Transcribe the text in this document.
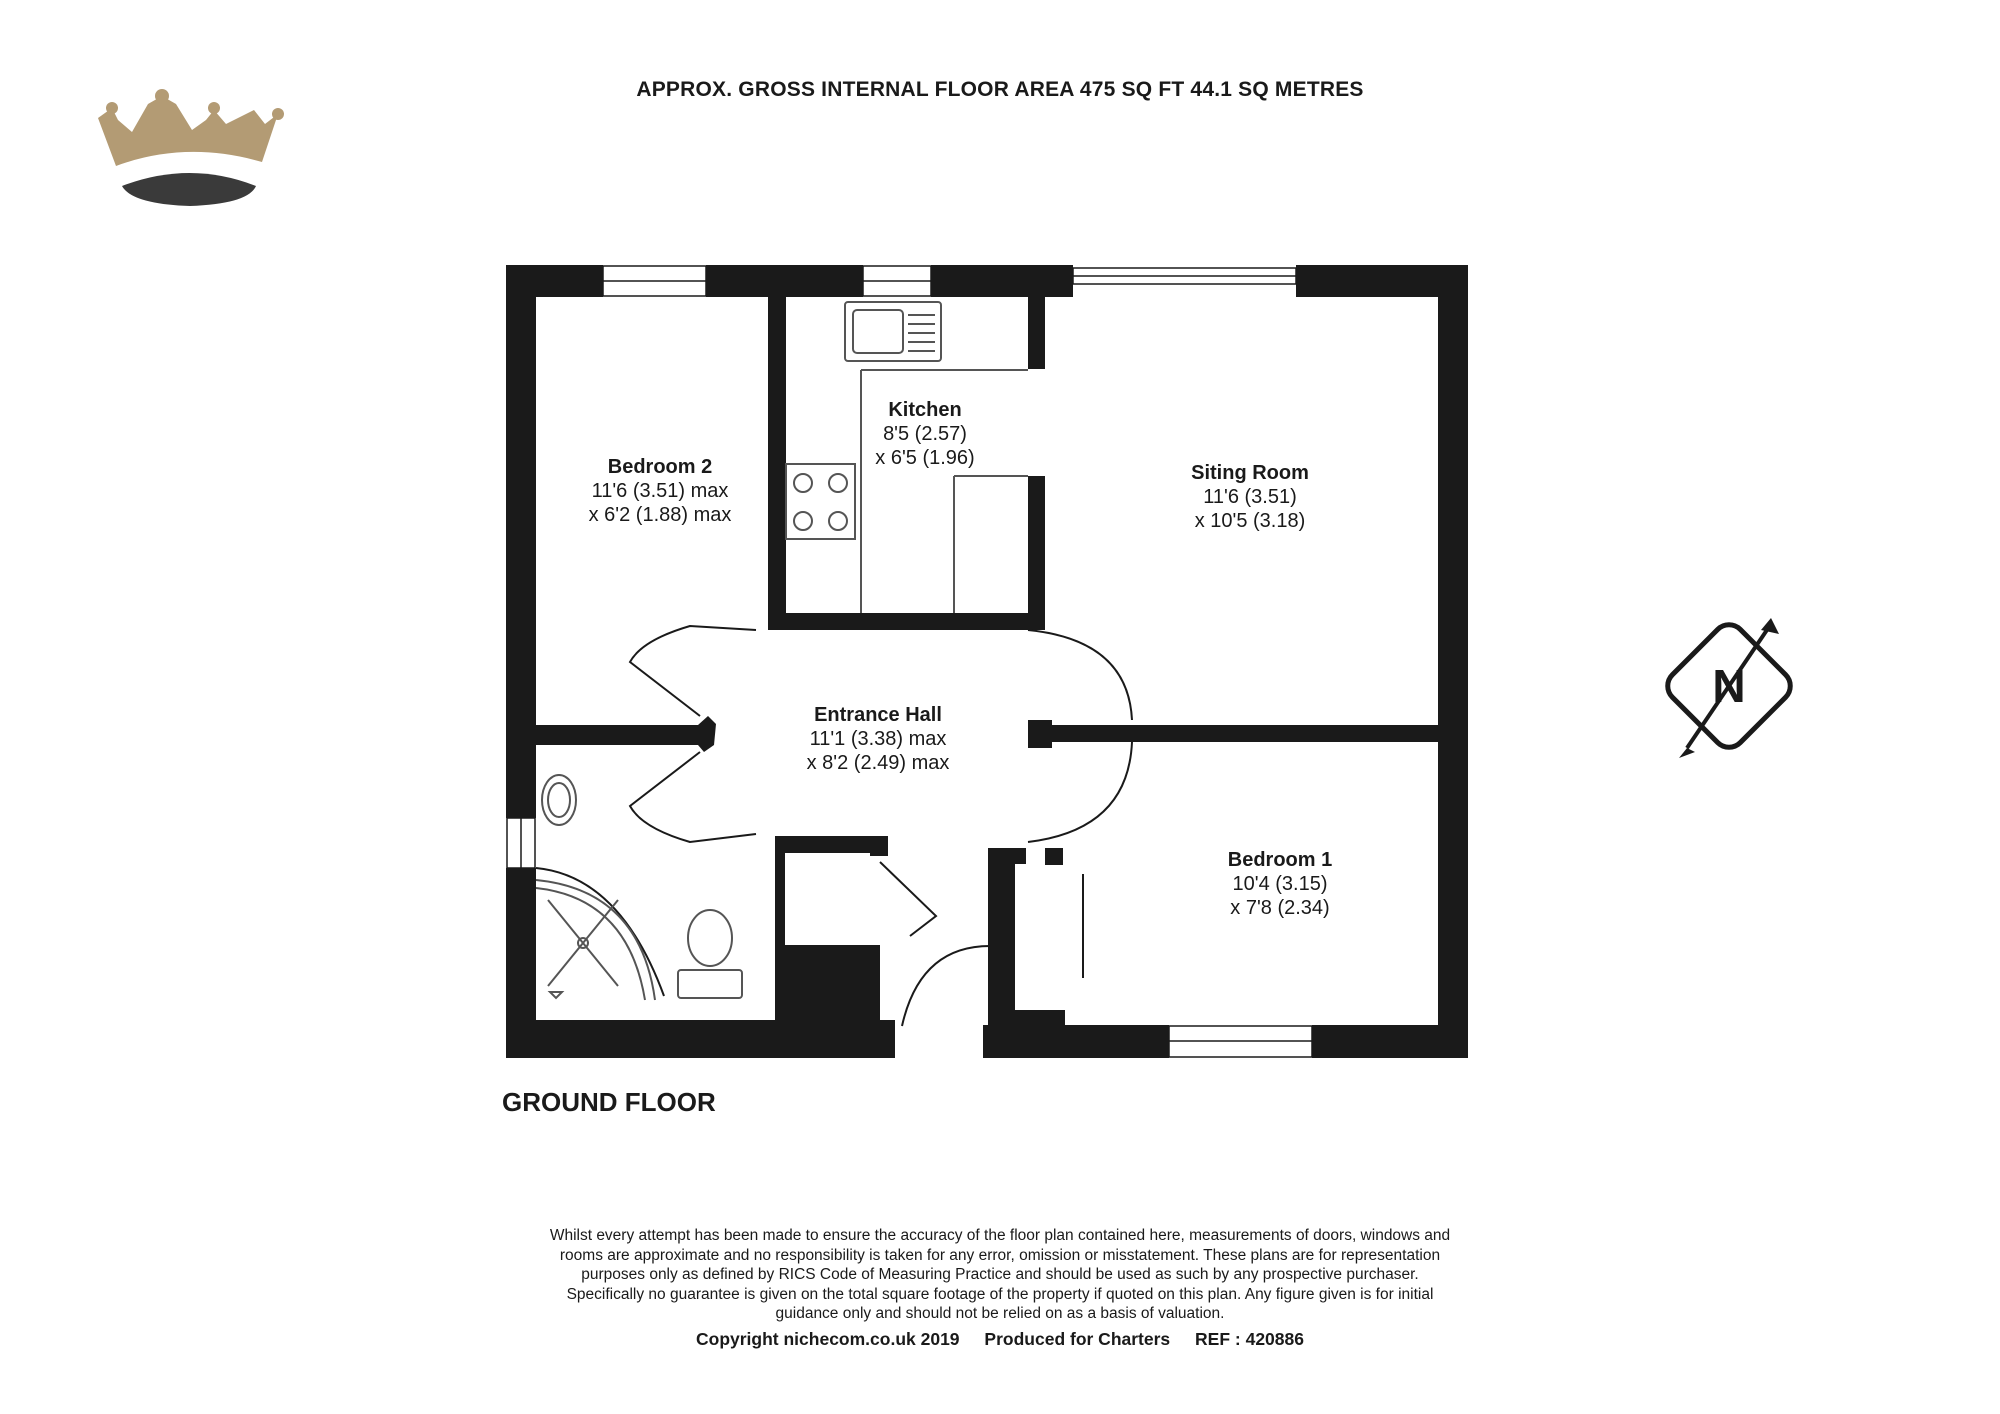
APPROX. GROSS INTERNAL FLOOR AREA 475 SQ FT 44.1 SQ METRES
N
Bedroom 2
11'6 (3.51) max
x 6'2 (1.88) max
Kitchen
8'5 (2.57)
x 6'5 (1.96)
Siting Room
11'6 (3.51)
x 10'5 (3.18)
Entrance Hall
11'1 (3.38) max
x 8'2 (2.49) max
Bedroom 1
10'4 (3.15)
x 7'8 (2.34)
GROUND FLOOR
Whilst every attempt has been made to ensure the accuracy of the floor plan contained here, measurements of doors, windows and
rooms are approximate and no responsibility is taken for any error, omission or misstatement. These plans are for representation
purposes only as defined by RICS Code of Measuring Practice and should be used as such by any prospective purchaser.
Specifically no guarantee is given on the total square footage of the property if quoted on this plan. Any figure given is for initial
guidance only and should not be relied on as a basis of valuation.
Copyright nichecom.co.uk 2019 Produced for Charters REF : 420886
